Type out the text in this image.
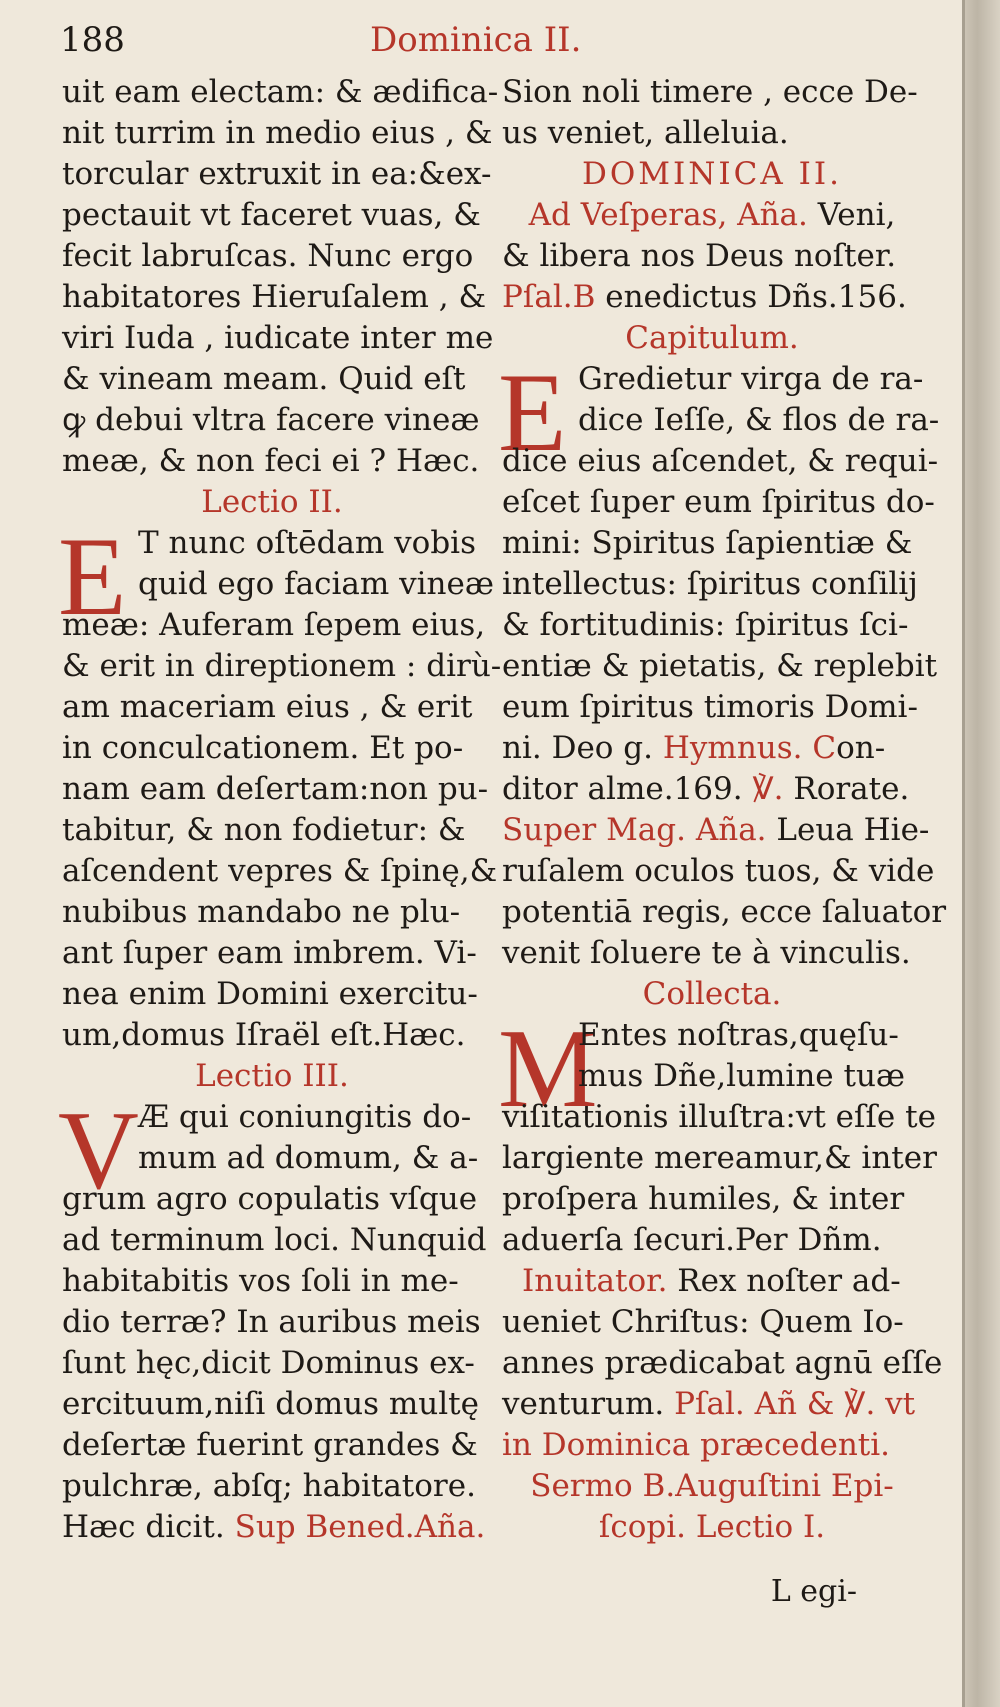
188	Dominica II.
uit eam electam: & ædifica-
nit turrim in medio eius , &
torcular extruxit in ea:&ex-
pectauit vt faceret vuas, &
fecit labruſcas. Nunc ergo
habitatores Hieruſalem , &
viri Iuda , iudicate inter me
& vineam meam. Quid eſt
ꝙ debui vltra facere vineæ
meæ, & non feci ei ? Hæc.
Lectio II.
E T nunc oſtēdam vobis
quid ego faciam vineæ
meæ: Auferam ſepem eius,
& erit in direptionem : dirù-
am maceriam eius , & erit
in conculcationem. Et po-
nam eam deſertam:non pu-
tabitur, & non fodietur: &
aſcendent vepres & ſpinę,&
nubibus mandabo ne plu-
ant ſuper eam imbrem. Vi-
nea enim Domini exercitu-
um,domus Iſraël eſt.Hæc.
Lectio III.
V Æ qui coniungitis do-
mum ad domum, & a-
grum agro copulatis vſque
ad terminum loci. Nunquid
habitabitis vos ſoli in me-
dio terræ? In auribus meis
ſunt hęc,dicit Dominus ex-
ercituum,niſi domus multę
deſertæ fuerint grandes &
pulchræ, abſq; habitatore.
Hæc dicit. Sup Bened.Aña.
Sion noli timere , ecce De-
us veniet, alleluia.
DOMINICA II.
Ad Veſperas, Aña. Veni,
& libera nos Deus noſter.
Pſal.B enedictus Dñs.156.
Capitulum.
E Gredietur virga de ra-
dice Ieſſe, & flos de ra-
dice eius aſcendet, & requi-
eſcet ſuper eum ſpiritus do-
mini: Spiritus ſapientiæ &
intellectus: ſpiritus conſilij
& fortitudinis: ſpiritus ſci-
entiæ & pietatis, & replebit
eum ſpiritus timoris Domi-
ni. Deo g. Hymnus. Con-
ditor alme.169. ℣. Rorate.
Super Mag. Aña. Leua Hie-
ruſalem oculos tuos, & vide
potentiā regis, ecce ſaluator
venit ſoluere te à vinculis.
Collecta.
M
Entes noſtras,quęſu-
mus Dñe,lumine tuæ
viſitationis illuſtra:vt eſſe te
largiente mereamur,& inter
proſpera humiles, & inter
aduerſa ſecuri.Per Dñm.
Inuitator. Rex noſter ad-
ueniet Chriſtus: Quem Io-
annes prædicabat agnū eſſe
venturum. Pſal. Añ & ℣. vt
in Dominica præcedenti.
Sermo B.Auguſtini Epi-
ſcopi. Lectio I.
L egi-
